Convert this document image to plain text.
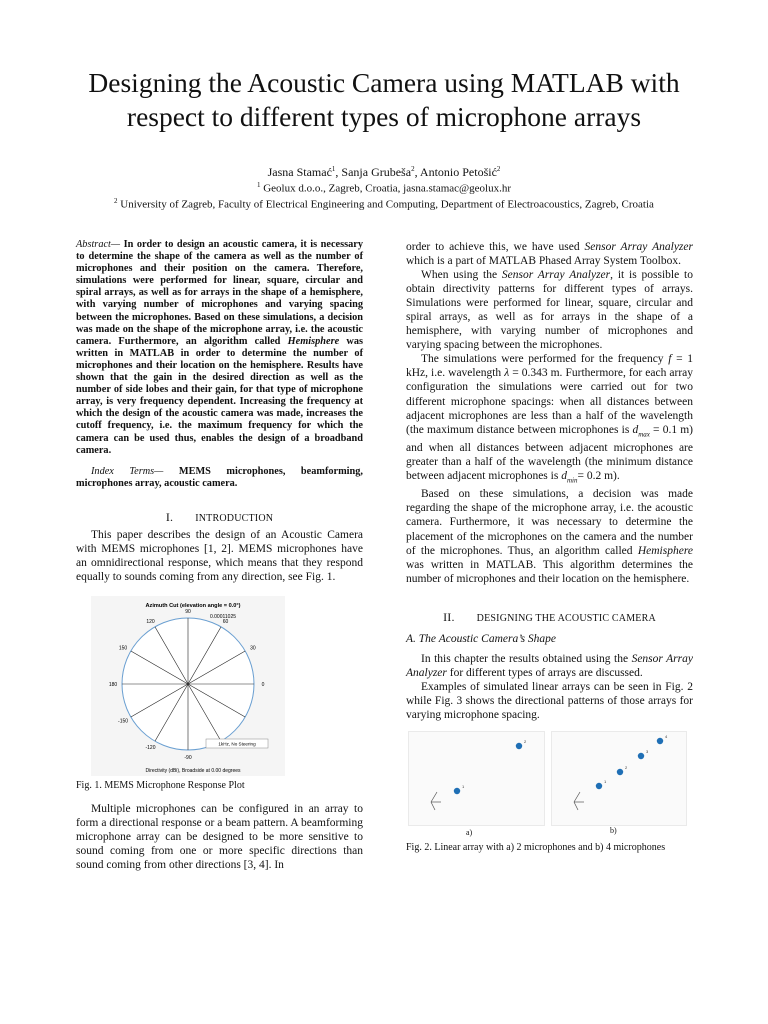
Designing the Acoustic Camera using MATLAB with
respect to different types of microphone arrays
Jasna Stamać$^1$, Sanja Grubeša$^2$, Antonio Petošić$^2$
$^1$ Geolux d.o.o., Zagreb, Croatia, jasna.stamac@geolux.hr
$^2$ University of Zagreb, Faculty of Electrical Engineering and Computing, Department of Electroacoustics, Zagreb, Croatia
Abstract— In order to design an acoustic camera, it is necessary to determine the shape of the camera as well as the number of microphones and their position on the camera. Therefore, simulations were performed for linear, square, circular and spiral arrays, as well as for arrays in the shape of a hemisphere, with varying number of microphones and varying spacing between the microphones. Based on these simulations, a decision was made on the shape of the microphone array, i.e. the acoustic camera. Furthermore, an algorithm called Hemisphere was written in MATLAB in order to determine the number of microphones and their location on the hemisphere. Results have shown that the gain in the desired direction as well as the number of side lobes and their gain, for that type of microphone array, is very frequency dependent. Increasing the frequency at which the design of the acoustic camera was made, increases the cutoff frequency, i.e. the maximum frequency for which the camera can be used thus, enables the design of a broadband camera.
Index Terms— MEMS microphones, beamforming, microphones array, acoustic camera.
I. INTRODUCTION

This paper describes the design of an Acoustic Camera with MEMS microphones [1, 2]. MEMS microphones have an omnidirectional response, which means that they respond equally to sounds coming from any direction, see Fig. 1.

Azimuth Cut (elevation angle = 0.0°)
0.00011025
Directivity (dBi), Broadside at 0.00 degrees
0
30
60
90
120
150
180
-150
-120
-90
1kHz, No Steering
Fig. 1. MEMS Microphone Response Plot

Multiple microphones can be configured in an array to form a directional response or a beam pattern. A beamforming microphone array can be designed to be more sensitive to sound coming from one or more specific directions than sound coming from other directions [3, 4]. In

order to achieve this, we have used Sensor Array Analyzer which is a part of MATLAB Phased Array System Toolbox.

When using the Sensor Array Analyzer, it is possible to obtain directivity patterns for different types of arrays. Simulations were performed for linear, square, circular and spiral arrays, as well as for arrays in the shape of a hemisphere, with varying number of microphones and varying spacing between the microphones.

The simulations were performed for the frequency f = 1 kHz, i.e. wavelength λ = 0.343 m. Furthermore, for each array configuration the simulations were carried out for two different microphone spacings: when all distances between adjacent microphones are less than a half of the wavelength (the maximum distance between microphones is $d_{max} = 0.1$ m) and when all distances between adjacent microphones are greater than a half of the wavelength (the minimum distance between adjacent microphones is $d_{min}= 0.2$ m).

Based on these simulations, a decision was made regarding the shape of the microphone array, i.e. the acoustic camera. Furthermore, it was necessary to determine the placement of the microphones on the camera and the number of the microphones. Thus, an algorithm called Hemisphere was written in MATLAB. This algorithm determines the number of microphones and their location on the hemisphere.

II. DESIGNING THE ACOUSTIC CAMERA
A. The Acoustic Camera’s Shape

In this chapter the results obtained using the Sensor Array Analyzer for different types of arrays are discussed.

Examples of simulated linear arrays can be seen in Fig. 2 while Fig. 3 shows the directional patterns of those arrays for varying microphone spacing.

1
2
1
2
3
4
a)	b)
Fig. 2. Linear array with a) 2 microphones and b) 4 microphones
